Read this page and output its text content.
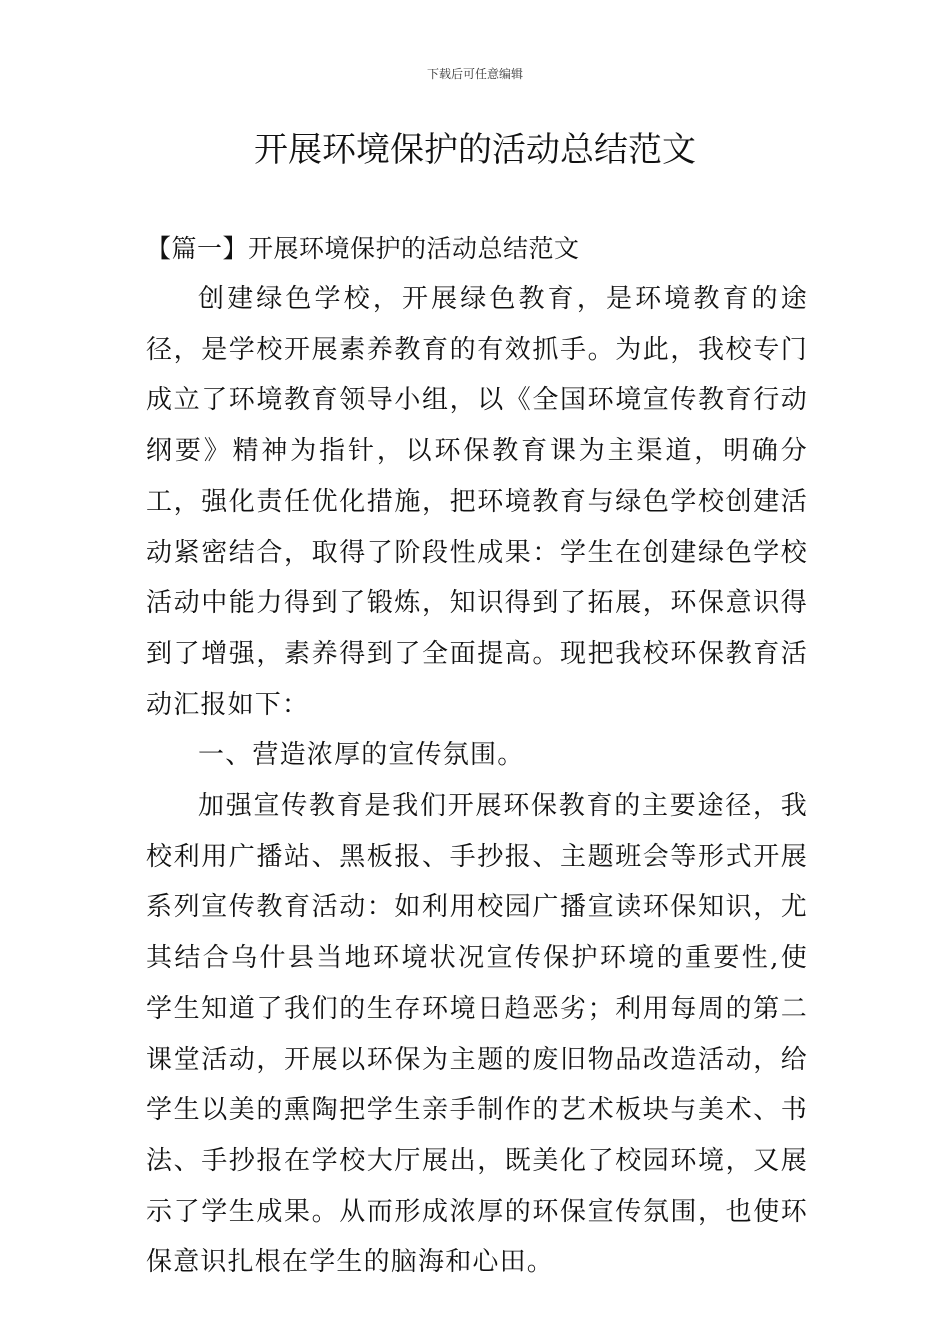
下载后可任意编辑
开展环境保护的活动总结范文

【篇一】开展环境保护的活动总结范文

创建绿色学校，开展绿色教育，是环境教育的途径，是学校开展素养教育的有效抓手。为此，我校专门成立了环境教育领导小组，以《全国环境宣传教育行动纲要》精神为指针，以环保教育课为主渠道，明确分工，强化责任优化措施，把环境教育与绿色学校创建活动紧密结合，取得了阶段性成果：学生在创建绿色学校活动中能力得到了锻炼，知识得到了拓展，环保意识得到了增强，素养得到了全面提高。现把我校环保教育活动汇报如下：

一、营造浓厚的宣传氛围。

加强宣传教育是我们开展环保教育的主要途径，我校利用广播站、黑板报、手抄报、主题班会等形式开展系列宣传教育活动：如利用校园广播宣读环保知识，尤其结合乌什县当地环境状况宣传保护环境的重要性,使学生知道了我们的生存环境日趋恶劣；利用每周的第二课堂活动，开展以环保为主题的废旧物品改造活动，给学生以美的熏陶把学生亲手制作的艺术板块与美术、书法、手抄报在学校大厅展出，既美化了校园环境，又展示了学生成果。从而形成浓厚的环保宣传氛围，也使环保意识扎根在学生的脑海和心田。
